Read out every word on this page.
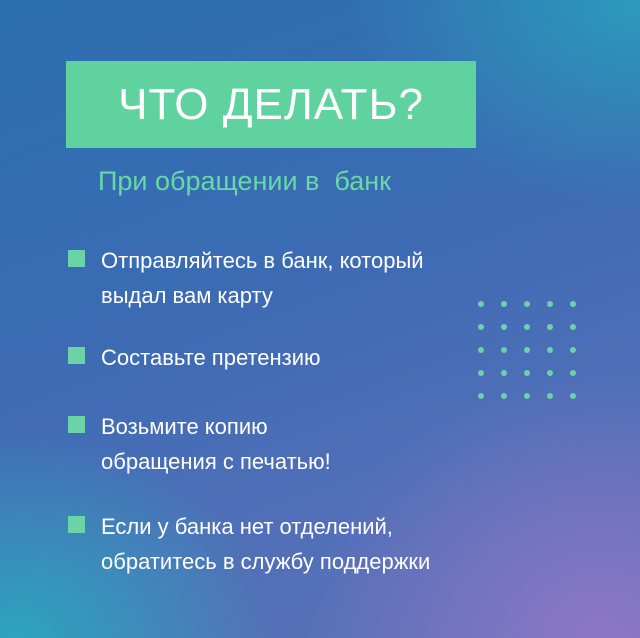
ЧТО ДЕЛАТЬ?
При обращении в  банк
Отправляйтесь в банк, который
выдал вам карту
Составьте претензию
Возьмите копию
обращения с печатью!
Если у банка нет отделений,
обратитесь в службу поддержки
